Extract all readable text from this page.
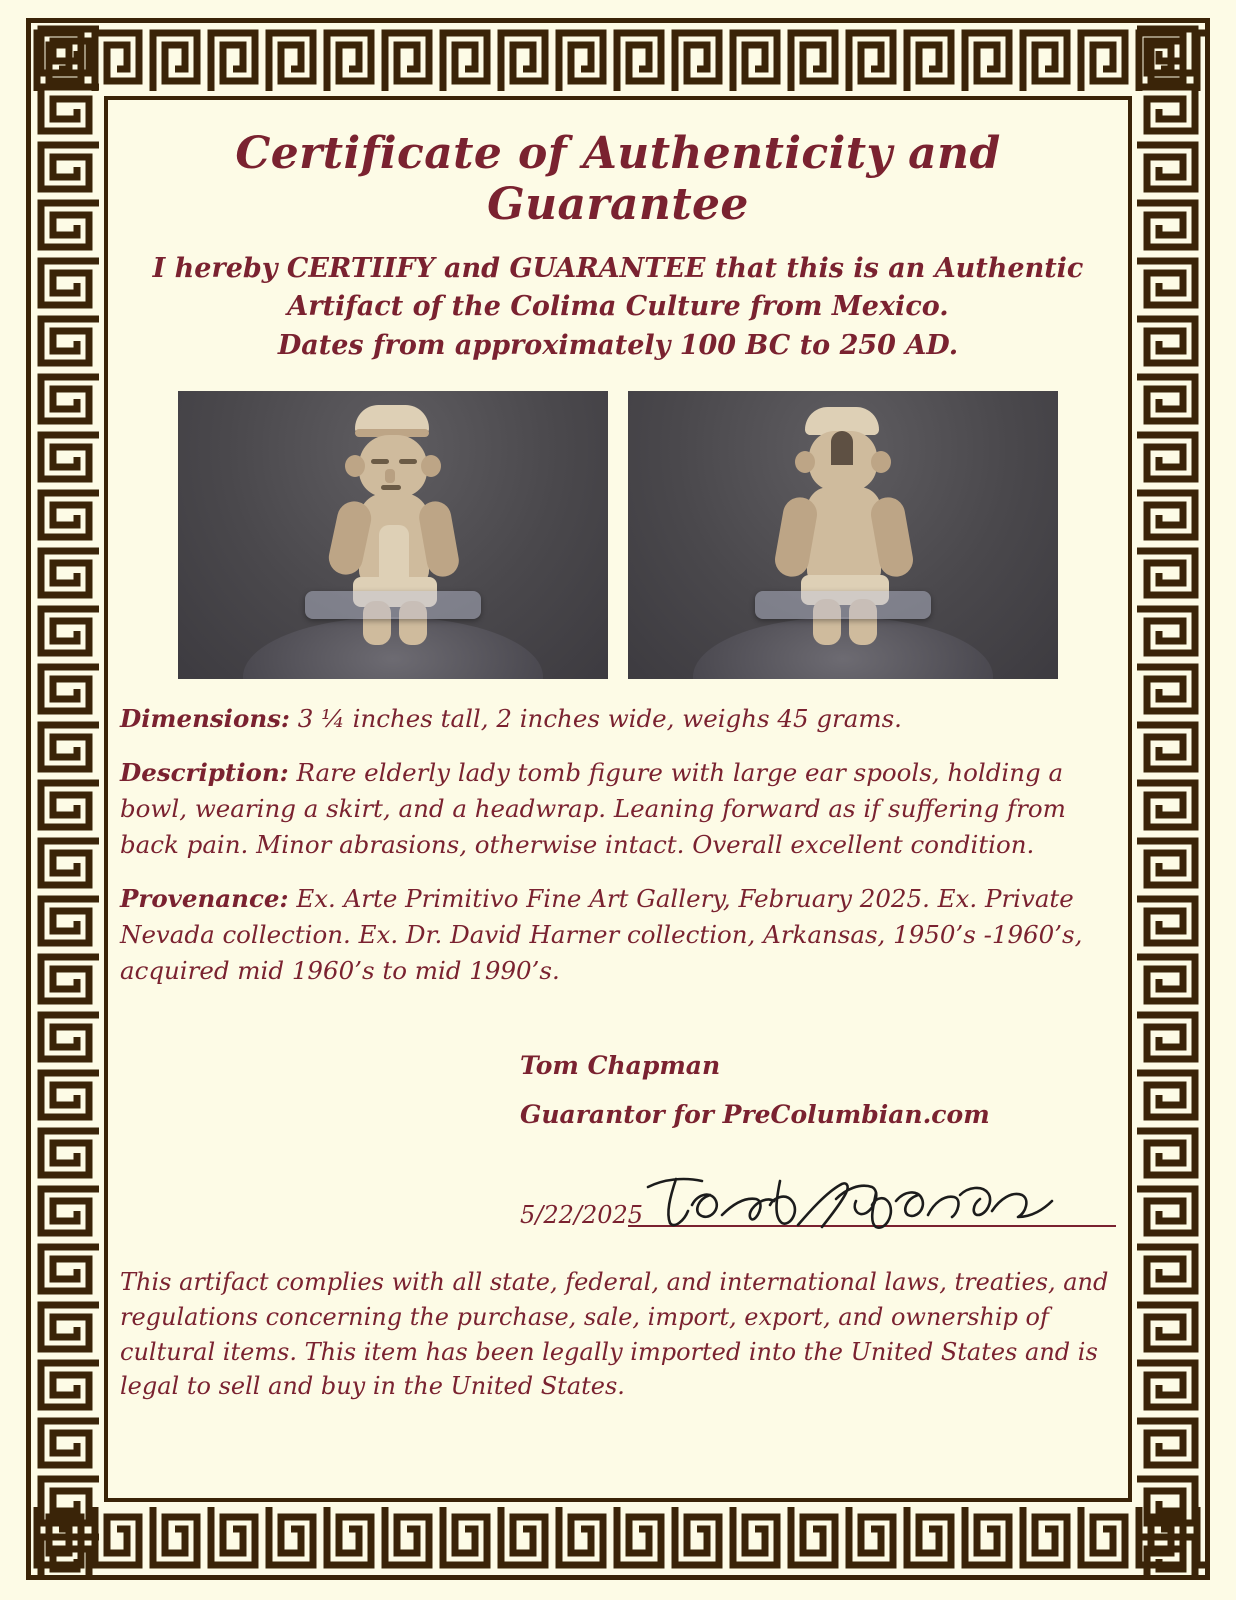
Certificate of Authenticity and Guarantee
I hereby CERTIIFY and GUARANTEE that this is an Authentic
Artifact of the Colima Culture from Mexico.
Dates from approximately 100 BC to 250 AD.

Dimensions: 3 ¼ inches tall, 2 inches wide, weighs 45 grams.

Description: Rare elderly lady tomb figure with large ear spools, holding a bowl, wearing a skirt, and a headwrap. Leaning forward as if suffering from back pain. Minor abrasions, otherwise intact. Overall excellent condition.

Provenance: Ex. Arte Primitivo Fine Art Gallery, February 2025. Ex. Private Nevada collection. Ex. Dr. David Harner collection, Arkansas, 1950’s -1960’s, acquired mid 1960’s to mid 1990’s.

Tom Chapman
Guarantor for PreColumbian.com
5/22/2025

This artifact complies with all state, federal, and international laws, treaties, and regulations concerning the purchase, sale, import, export, and ownership of cultural items. This item has been legally imported into the United States and is legal to sell and buy in the United States.
